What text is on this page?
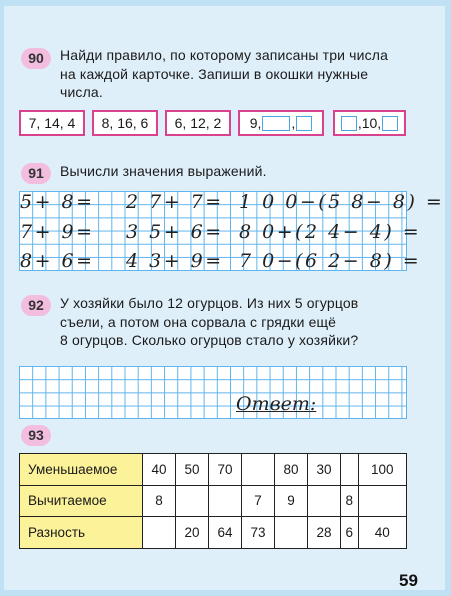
90	Найди правило, по которому записаны три числа
на каждой карточке. Запиши в окошки нужные
числа.
7, 14, 4 8, 16, 6 6, 12, 2 9, ,	,10,
91	Вычисли значения выражений.
5+ 8= 2 7+ 7= 1 0 0−(5 8− 8) =
7+ 9= 3 5+ 6= 8 0+(2 4− 4) =
8+ 6= 4 3+ 9= 7 0−(6 2− 8) =
92	У хозяйки было 12 огурцов. Из них 5 огурцов
съели, а потом она сорвала с грядки ещё
8 огурцов. Сколько огурцов стало у хозяйки?
Ответ:
93
Уменьшаемое	40	50	70		80	30		100
Вычитаемое	8			7	9		8	
Разность		20	64	73		28	6	40
59
